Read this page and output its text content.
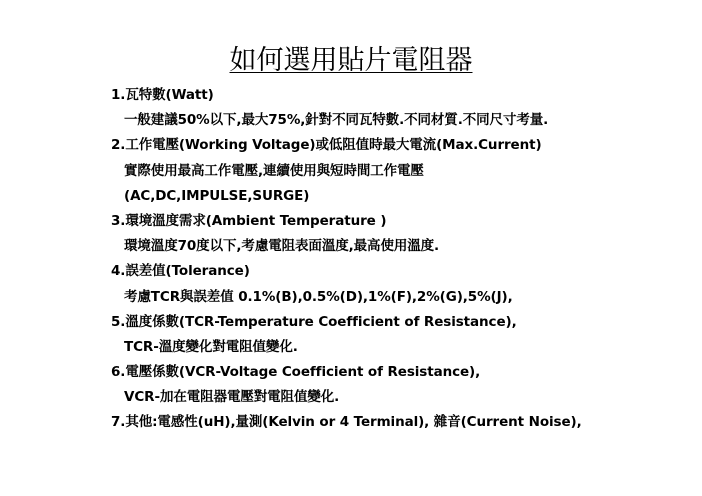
如何選用貼片電阻器
1.瓦特數(Watt)
一般建議50%以下,最大75%,針對不同瓦特數.不同材質.不同尺寸考量.
2.工作電壓(Working Voltage)或低阻值時最大電流(Max.Current)
實際使用最高工作電壓,連續使用與短時間工作電壓
(AC,DC,IMPULSE,SURGE)
3.環境溫度需求(Ambient Temperature )
環境溫度70度以下,考慮電阻表面溫度,最高使用溫度.
4.誤差值(Tolerance)
考慮TCR與誤差值 0.1%(B),0.5%(D),1%(F),2%(G),5%(J),
5.溫度係數(TCR-Temperature Coefficient of Resistance),
TCR-溫度變化對電阻值變化.
6.電壓係數(VCR-Voltage Coefficient of Resistance),
VCR-加在電阻器電壓對電阻值變化.
7.其他:電感性(uH),量測(Kelvin or 4 Terminal), 雜音(Current Noise),
